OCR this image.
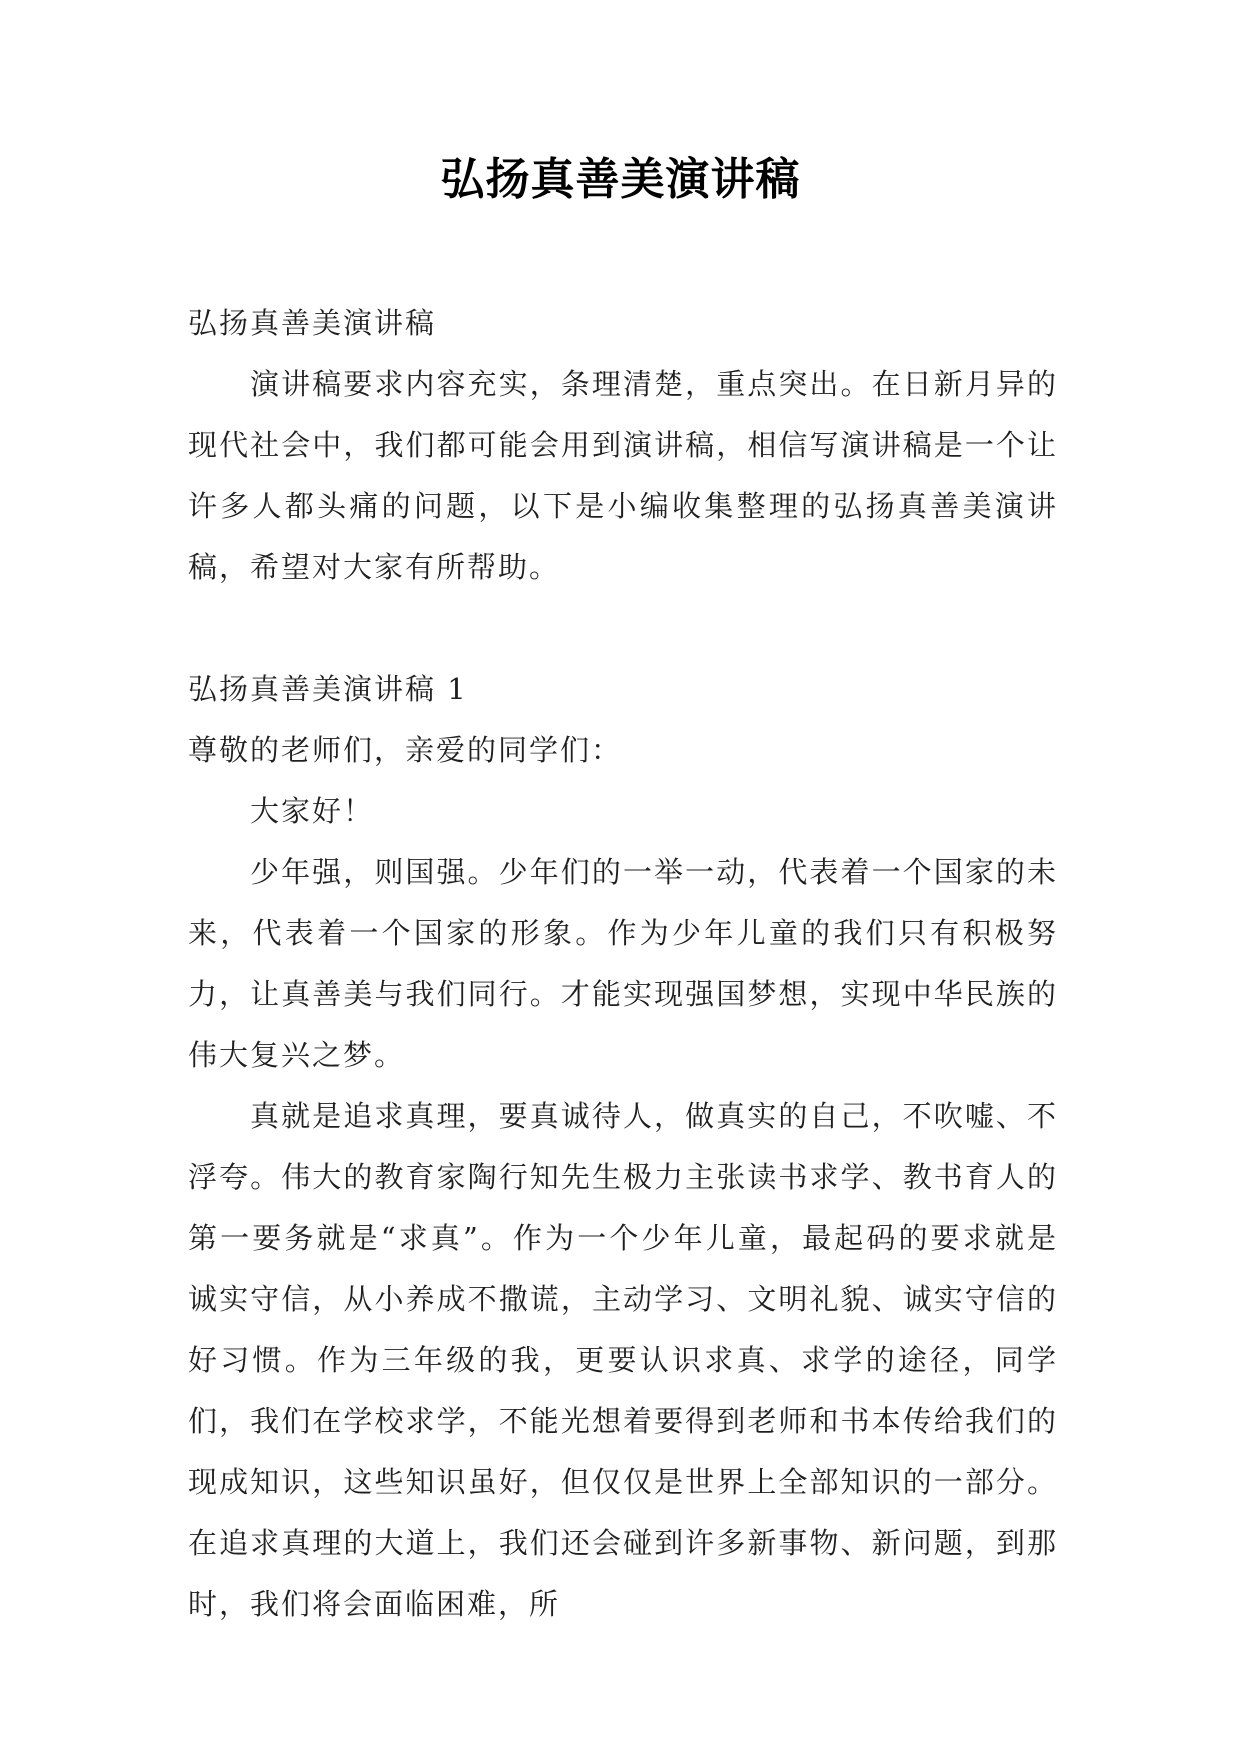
弘扬真善美演讲稿

弘扬真善美演讲稿

演讲稿要求内容充实，条理清楚，重点突出。在日新月异的现代社会中，我们都可能会用到演讲稿，相信写演讲稿是一个让许多人都头痛的问题，以下是小编收集整理的弘扬真善美演讲稿，希望对大家有所帮助。

弘扬真善美演讲稿 1

尊敬的老师们，亲爱的同学们：

大家好！

少年强，则国强。少年们的一举一动，代表着一个国家的未来，代表着一个国家的形象。作为少年儿童的我们只有积极努力，让真善美与我们同行。才能实现强国梦想，实现中华民族的伟大复兴之梦。

真就是追求真理，要真诚待人，做真实的自己，不吹嘘、不浮夸。伟大的教育家陶行知先生极力主张读书求学、教书育人的第一要务就是“求真”。作为一个少年儿童，最起码的要求就是诚实守信，从小养成不撒谎，主动学习、文明礼貌、诚实守信的好习惯。作为三年级的我，更要认识求真、求学的途径，同学们，我们在学校求学，不能光想着要得到老师和书本传给我们的现成知识，这些知识虽好，但仅仅是世界上全部知识的一部分。在追求真理的大道上，我们还会碰到许多新事物、新问题，到那时，我们将会面临困难，所
